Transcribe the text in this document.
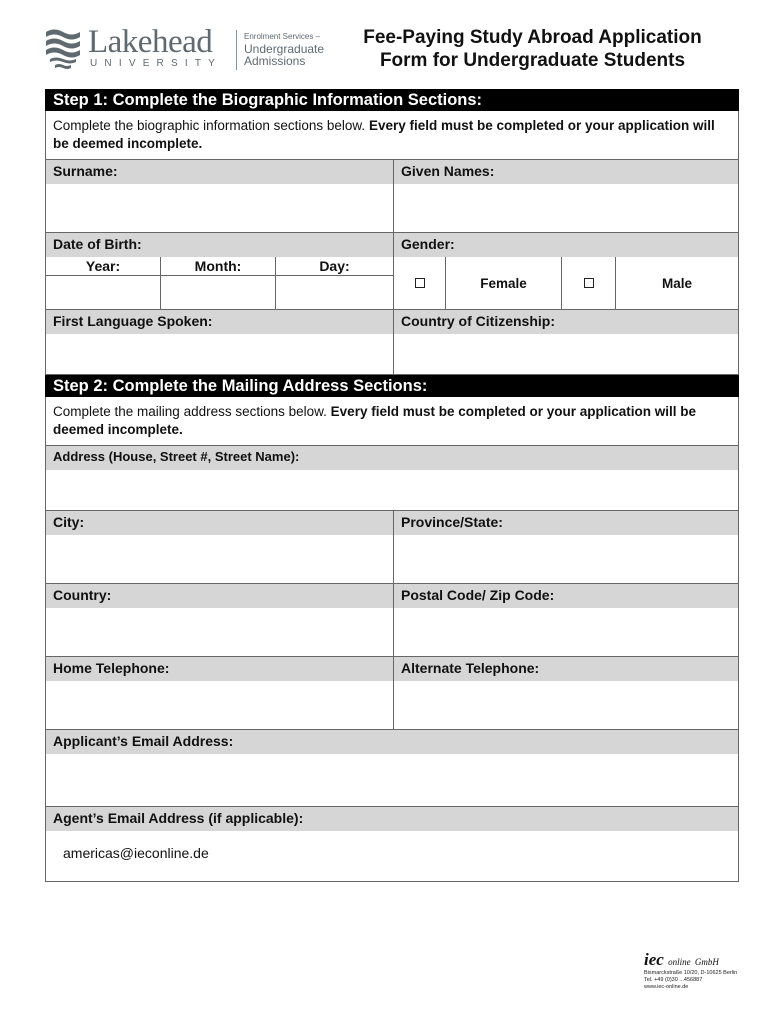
Lakehead
UNIVERSITY
Enrolment Services –
Undergraduate
Admissions
Fee-Paying Study Abroad Application
Form for Undergraduate Students
Step 1: Complete the Biographic Information Sections:
Complete the biographic information sections below. Every field must be completed or your application will be deemed incomplete.
Surname:	Given Names:
Date of Birth:
Year:	Month:	Day:
Gender:
Female	Male
First Language Spoken:	Country of Citizenship:
Step 2: Complete the Mailing Address Sections:
Complete the mailing address sections below. Every field must be completed or your application will be deemed incomplete.
Address (House, Street #, Street Name):
City:	Province/State:
Country:	Postal Code/ Zip Code:
Home Telephone:	Alternate Telephone:
Applicant’s Email Address:
Agent’s Email Address (if applicable):
americas@ieconline.de
iec online GmbH
Bismarckstraße 10/20, D-10625 Berlin
Tel. +49 (0)30 ...456887
www.iec-online.de
